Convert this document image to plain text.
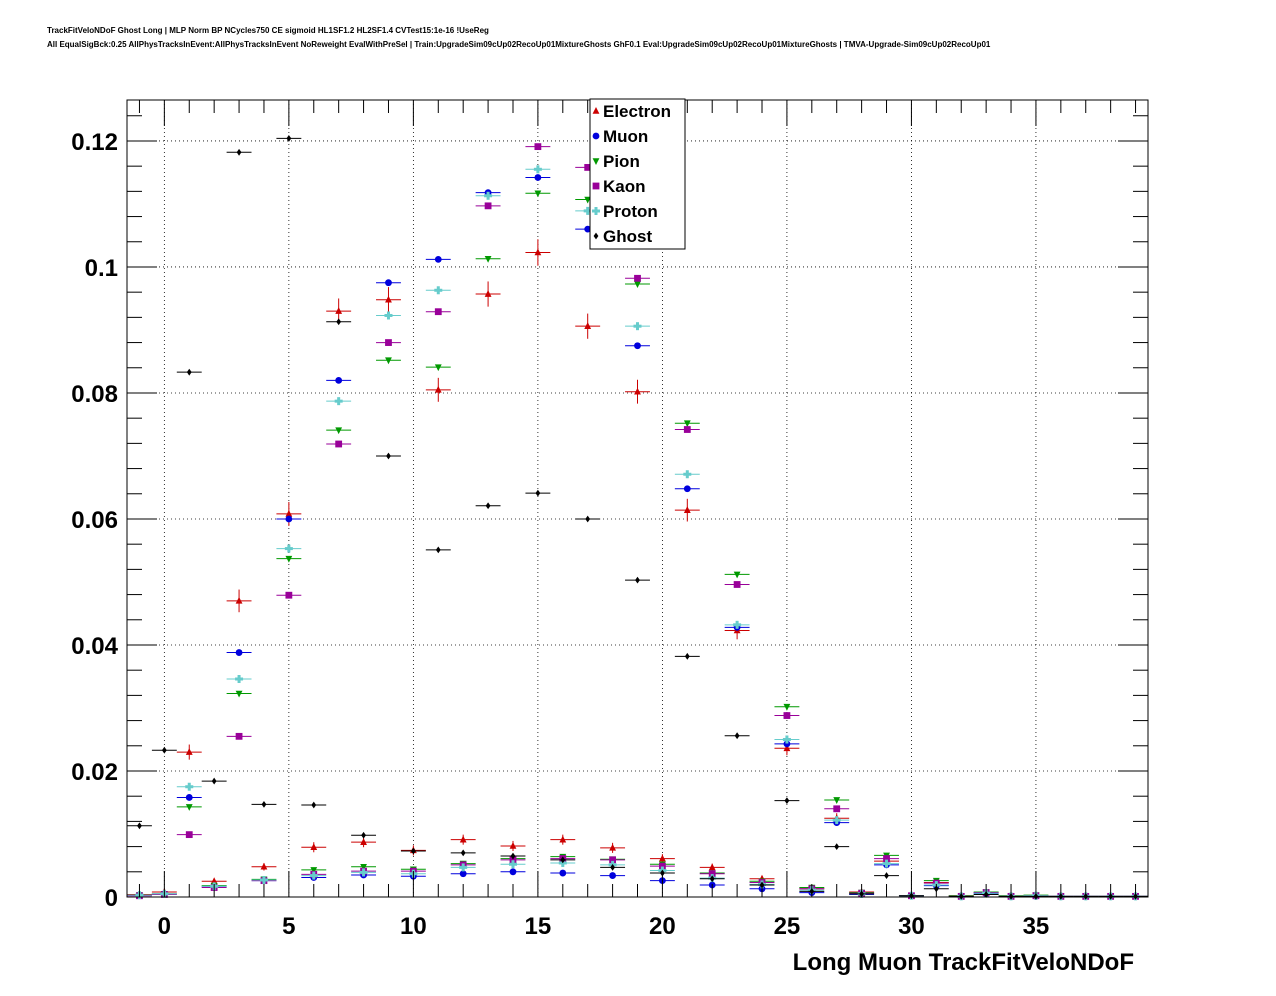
TrackFitVeloNDoF Ghost Long | MLP Norm BP NCycles750 CE sigmoid HL1SF1.2 HL2SF1.4 CVTest15:1e-16 !UseReg
All EqualSigBck:0.25 AllPhysTracksInEvent:AllPhysTracksInEvent NoReweight EvalWithPreSel | Train:UpgradeSim09cUp02RecoUp01MixtureGhosts GhF0.1 Eval:UpgradeSim09cUp02RecoUp01MixtureGhosts | TMVA-Upgrade-Sim09cUp02RecoUp01
0	5	10	15	20	25	30	35
0
0.02
0.04
0.06
0.08
0.1
0.12
Long Muon TrackFitVeloNDoF
Electron
Muon
Pion
Kaon
Proton
Ghost
